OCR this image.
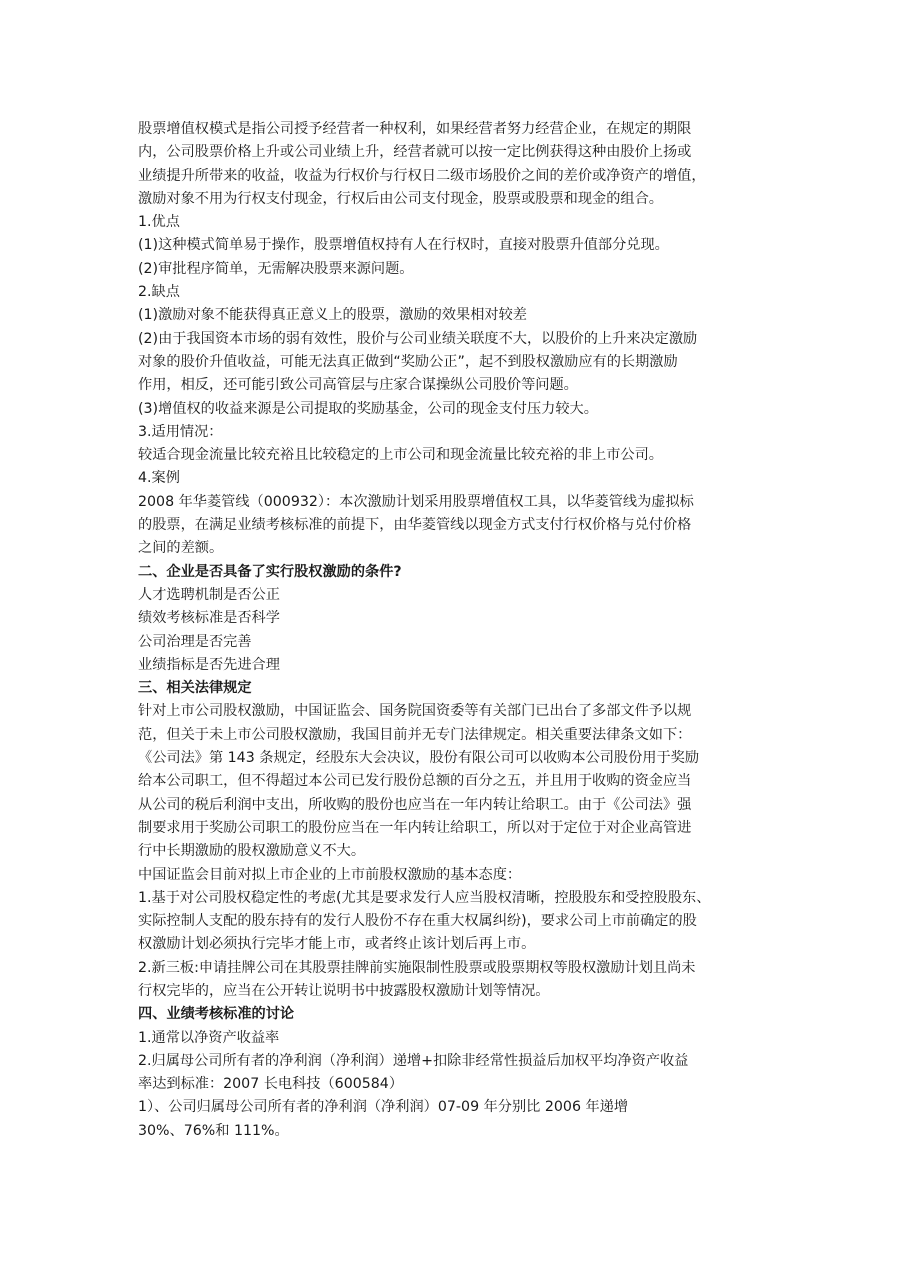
股票增值权模式是指公司授予经营者一种权利，如果经营者努力经营企业，在规定的期限
内，公司股票价格上升或公司业绩上升，经营者就可以按一定比例获得这种由股价上扬或
业绩提升所带来的收益，收益为行权价与行权日二级市场股价之间的差价或净资产的增值，
激励对象不用为行权支付现金，行权后由公司支付现金，股票或股票和现金的组合。
1.优点
(1)这种模式简单易于操作，股票增值权持有人在行权时，直接对股票升值部分兑现。
(2)审批程序简单，无需解决股票来源问题。
2.缺点
(1)激励对象不能获得真正意义上的股票，激励的效果相对较差
(2)由于我国资本市场的弱有效性，股价与公司业绩关联度不大，以股价的上升来决定激励
对象的股价升值收益，可能无法真正做到“奖励公正”，起不到股权激励应有的长期激励
作用，相反，还可能引致公司高管层与庄家合谋操纵公司股价等问题。
(3)增值权的收益来源是公司提取的奖励基金，公司的现金支付压力较大。
3.适用情况：
较适合现金流量比较充裕且比较稳定的上市公司和现金流量比较充裕的非上市公司。
4.案例
2008 年华菱管线（000932）：本次激励计划采用股票增值权工具，以华菱管线为虚拟标
的股票，在满足业绩考核标准的前提下，由华菱管线以现金方式支付行权价格与兑付价格
之间的差额。
二、企业是否具备了实行股权激励的条件?
人才选聘机制是否公正
绩效考核标准是否科学
公司治理是否完善
业绩指标是否先进合理
三、相关法律规定
针对上市公司股权激励，中国证监会、国务院国资委等有关部门已出台了多部文件予以规
范，但关于未上市公司股权激励，我国目前并无专门法律规定。相关重要法律条文如下：
《公司法》第 143 条规定，经股东大会决议，股份有限公司可以收购本公司股份用于奖励
给本公司职工，但不得超过本公司已发行股份总额的百分之五，并且用于收购的资金应当
从公司的税后利润中支出，所收购的股份也应当在一年内转让给职工。由于《公司法》强
制要求用于奖励公司职工的股份应当在一年内转让给职工，所以对于定位于对企业高管进
行中长期激励的股权激励意义不大。
中国证监会目前对拟上市企业的上市前股权激励的基本态度：
1.基于对公司股权稳定性的考虑(尤其是要求发行人应当股权清晰，控股股东和受控股股东、
实际控制人支配的股东持有的发行人股份不存在重大权属纠纷)，要求公司上市前确定的股
权激励计划必须执行完毕才能上市，或者终止该计划后再上市。
2.新三板:申请挂牌公司在其股票挂牌前实施限制性股票或股票期权等股权激励计划且尚未
行权完毕的，应当在公开转让说明书中披露股权激励计划等情况。
四、业绩考核标准的讨论
1.通常以净资产收益率
2.归属母公司所有者的净利润（净利润）递增+扣除非经常性损益后加权平均净资产收益
率达到标准：2007 长电科技（600584）
1）、公司归属母公司所有者的净利润（净利润）07-09 年分别比 2006 年递增
30%、76%和 111%。
